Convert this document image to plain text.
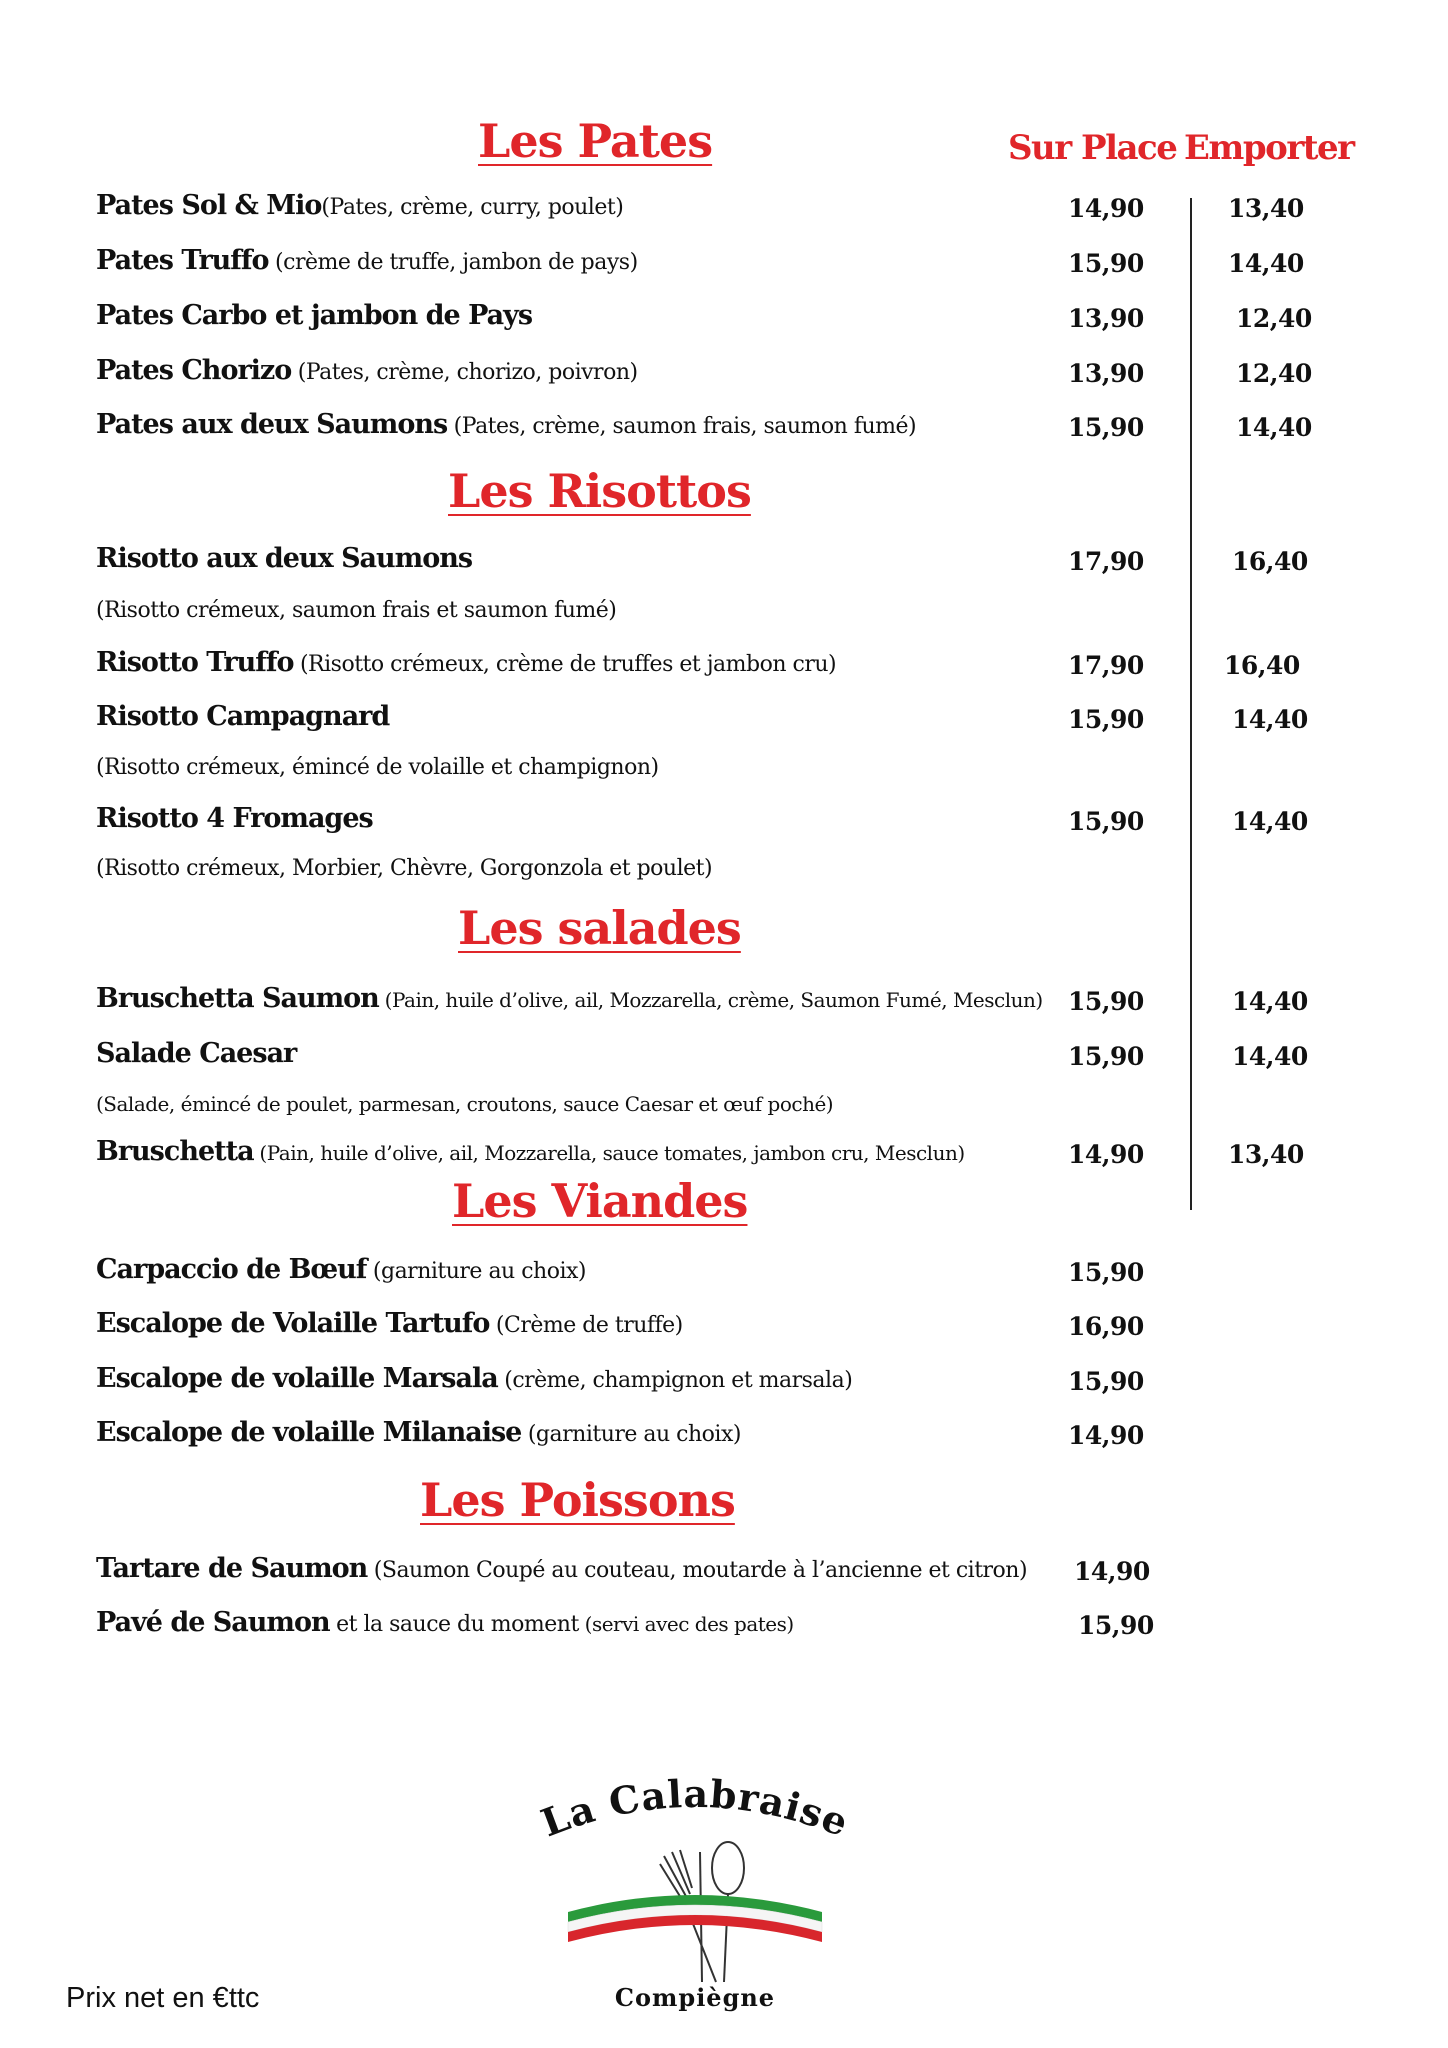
Sur Place Emporter
Les Pates
Pates Sol & Mio(Pates, crème, curry, poulet)	14,90	13,40
Pates Truffo (crème de truffe, jambon de pays)	15,90	14,40
Pates Carbo et jambon de Pays	13,90	12,40
Pates Chorizo (Pates, crème, chorizo, poivron)	13,90	12,40
Pates aux deux Saumons (Pates, crème, saumon frais, saumon fumé)	15,90	14,40
Les Risottos
Risotto aux deux Saumons	17,90	16,40
(Risotto crémeux, saumon frais et saumon fumé)
Risotto Truffo (Risotto crémeux, crème de truffes et jambon cru)	17,90	16,40
Risotto Campagnard	15,90	14,40
(Risotto crémeux, émincé de volaille et champignon)
Risotto 4 Fromages	15,90	14,40
(Risotto crémeux, Morbier, Chèvre, Gorgonzola et poulet)
Les salades
Bruschetta Saumon (Pain, huile d’olive, ail, Mozzarella, crème, Saumon Fumé, Mesclun) 15,90	14,40
Salade Caesar	15,90	14,40
(Salade, émincé de poulet, parmesan, croutons, sauce Caesar et œuf poché)
Bruschetta (Pain, huile d’olive, ail, Mozzarella, sauce tomates, jambon cru, Mesclun)	14,90	13,40
Les Viandes
Carpaccio de Bœuf (garniture au choix)	15,90
Escalope de Volaille Tartufo (Crème de truffe)	16,90
Escalope de volaille Marsala (crème, champignon et marsala)	15,90
Escalope de volaille Milanaise (garniture au choix)	14,90
Les Poissons
Tartare de Saumon (Saumon Coupé au couteau, moutarde à l’ancienne et citron) 14,90
Pavé de Saumon et la sauce du moment (servi avec des pates)	15,90
La Calabraise
Compiègne
Prix net en €ttc
